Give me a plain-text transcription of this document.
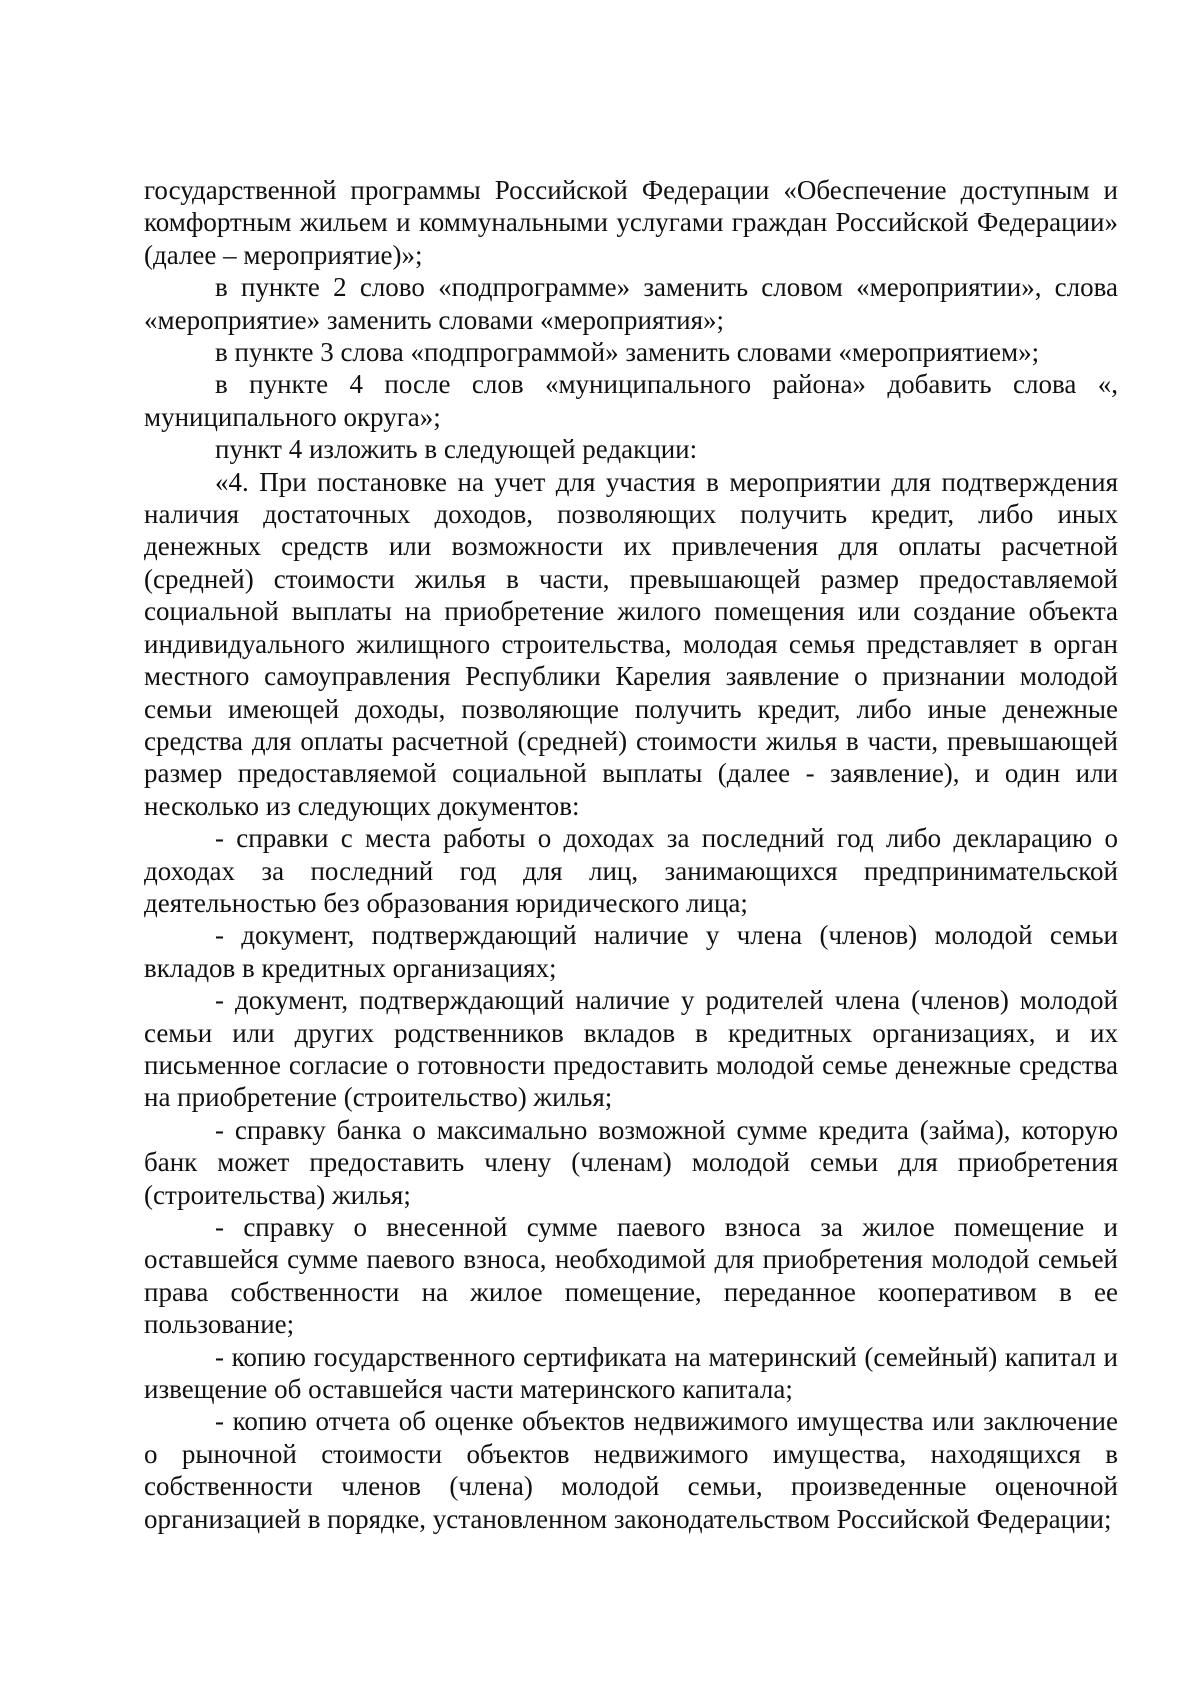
государственной программы Российской Федерации «Обеспечение доступным и комфортным жильем и коммунальными услугами граждан Российской Федерации» (далее – мероприятие)»;

в пункте 2 слово «подпрограмме» заменить словом «мероприятии», слова «мероприятие» заменить словами «мероприятия»;

в пункте 3 слова «подпрограммой» заменить словами «мероприятием»;

в пункте 4 после слов «муниципального района» добавить слова «, муниципального округа»;

пункт 4 изложить в следующей редакции:

«4. При постановке на учет для участия в мероприятии для подтверждения наличия достаточных доходов, позволяющих получить кредит, либо иных денежных средств или возможности их привлечения для оплаты расчетной (средней) стоимости жилья в части, превышающей размер предоставляемой социальной выплаты на приобретение жилого помещения или создание объекта индивидуального жилищного строительства, молодая семья представляет в орган местного самоуправления Республики Карелия заявление о признании молодой семьи имеющей доходы, позволяющие получить кредит, либо иные денежные средства для оплаты расчетной (средней) стоимости жилья в части, превышающей размер предоставляемой социальной выплаты (далее - заявление), и один или несколько из следующих документов:

- справки с места работы о доходах за последний год либо декларацию о доходах за последний год для лиц, занимающихся предпринимательской деятельностью без образования юридического лица;

- документ, подтверждающий наличие у члена (членов) молодой семьи вкладов в кредитных организациях;

- документ, подтверждающий наличие у родителей члена (членов) молодой семьи или других родственников вкладов в кредитных организациях, и их письменное согласие о готовности предоставить молодой семье денежные средства на приобретение (строительство) жилья;

- справку банка о максимально возможной сумме кредита (займа), которую банк может предоставить члену (членам) молодой семьи для приобретения (строительства) жилья;

- справку о внесенной сумме паевого взноса за жилое помещение и оставшейся сумме паевого взноса, необходимой для приобретения молодой семьей права собственности на жилое помещение, переданное кооперативом в ее пользование;

- копию государственного сертификата на материнский (семейный) капитал и извещение об оставшейся части материнского капитала;

- копию отчета об оценке объектов недвижимого имущества или заключение о рыночной стоимости объектов недвижимого имущества, находящихся в собственности членов (члена) молодой семьи, произведенные оценочной организацией в порядке, установленном законодательством Российской Федерации;
